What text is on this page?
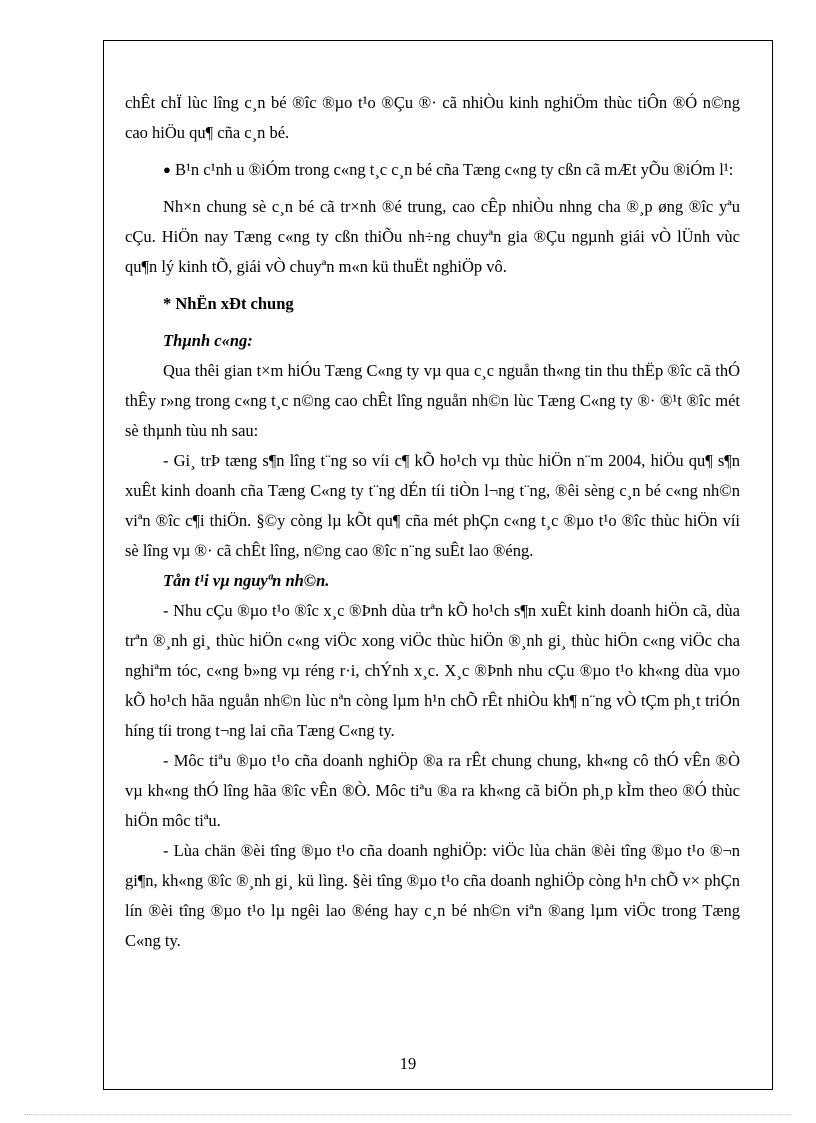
chÊt chÏ lùc lîng c¸n bé ®îc ®µo t¹o ®Çu ®· cã nhiÒu kinh nghiÖm thùc tiÔn ®Ó n©ng cao hiÖu qu¶ cña c¸n bé.

● B¹n c¹nh u ®iÓm trong c«ng t¸c c¸n bé cña Tæng c«ng ty cßn cã mÆt yÕu ®iÓm l¹:

Nh×n chung sè c¸n bé cã tr×nh ®é trung, cao cÊp nhiÒu nhng cha ®¸p øng ®îc yªu cÇu. HiÖn nay Tæng c«ng ty cßn thiÕu nh÷ng chuyªn gia ®Çu ngµnh giái vÒ lÜnh vùc qu¶n lý kinh tÕ, giái vÒ chuyªn m«n kü thuËt nghiÖp vô.

* NhËn xÐt chung

Thµnh c«ng:

Qua thêi gian t×m hiÓu Tæng C«ng ty vµ qua c¸c nguån th«ng tin thu thËp ®îc cã thÓ thÊy r»ng trong c«ng t¸c n©ng cao chÊt lîng nguån nh©n lùc Tæng C«ng ty ®· ®¹t ®îc mét sè thµnh tùu nh sau:

- Gi¸ trÞ tæng s¶n lîng t¨ng so víi c¶ kÕ ho¹ch vµ thùc hiÖn n¨m 2004, hiÖu qu¶ s¶n xuÊt kinh doanh cña Tæng C«ng ty t¨ng dÉn tíi tiÒn l¬ng t¨ng, ®êi sèng c¸n bé c«ng nh©n viªn ®îc c¶i thiÖn. §©y còng lµ kÕt qu¶ cña mét phÇn c«ng t¸c ®µo t¹o ®îc thùc hiÖn víi sè lîng vµ ®· cã chÊt lîng, n©ng cao ®îc n¨ng suÊt lao ®éng.

Tån t¹i vµ nguyªn nh©n.

- Nhu cÇu ®µo t¹o ®îc x¸c ®Þnh dùa trªn kÕ ho¹ch s¶n xuÊt kinh doanh hiÖn cã, dùa trªn ®¸nh gi¸ thùc hiÖn c«ng viÖc xong viÖc thùc hiÖn ®¸nh gi¸ thùc hiÖn c«ng viÖc cha nghiªm tóc, c«ng b»ng vµ réng r·i, chÝnh x¸c. X¸c ®Þnh nhu cÇu ®µo t¹o kh«ng dùa vµo kÕ ho¹ch hãa nguån nh©n lùc nªn còng lµm h¹n chÕ rÊt nhiÒu kh¶ n¨ng vÒ tÇm ph¸t triÓn híng tíi trong t¬ng lai cña Tæng C«ng ty.

- Môc tiªu ®µo t¹o cña doanh nghiÖp ®a ra rÊt chung chung, kh«ng cô thÓ vÊn ®Ò vµ kh«ng thÓ lîng hãa ®îc vÊn ®Ò. Môc tiªu ®a ra kh«ng cã biÖn ph¸p kÌm theo ®Ó thùc hiÖn môc tiªu.

- Lùa chän ®èi tîng ®µo t¹o cña doanh nghiÖp: viÖc lùa chän ®èi tîng ®µo t¹o ®¬n gi¶n, kh«ng ®îc ®¸nh gi¸ kü lìng. §èi tîng ®µo t¹o cña doanh nghiÖp còng h¹n chÕ v× phÇn lín ®èi tîng ®µo t¹o lµ ngêi lao ®éng hay c¸n bé nh©n viªn ®ang lµm viÖc trong Tæng C«ng ty.

19
